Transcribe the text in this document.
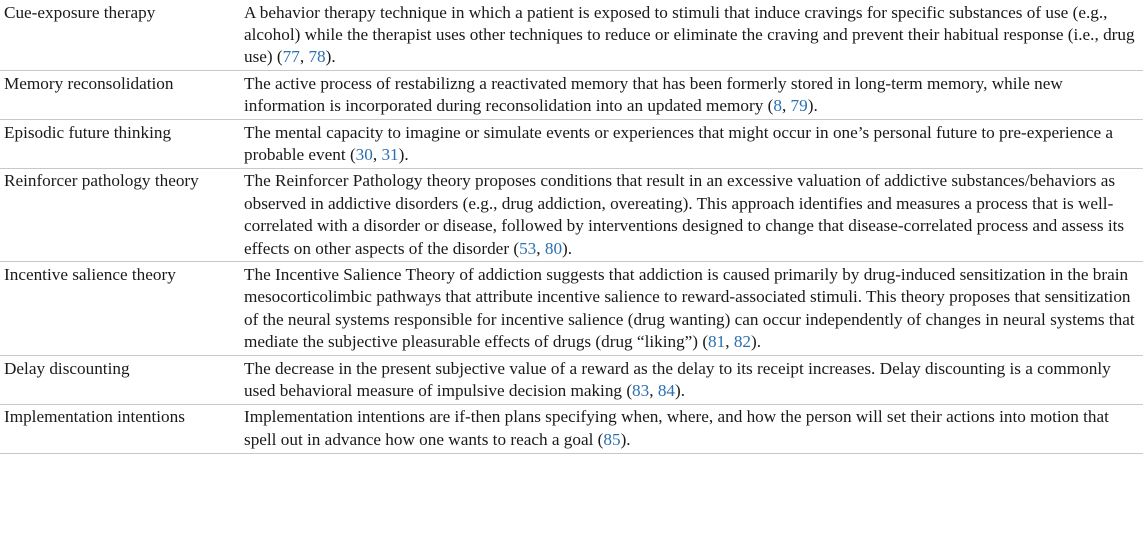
Cue-exposure therapy	A behavior therapy technique in which a patient is exposed to stimuli that induce cravings for specific substances of use (e.g., alcohol) while the therapist uses other techniques to reduce or eliminate the craving and prevent their habitual response (i.e., drug use) (77, 78).
Memory reconsolidation	The active process of restabilizng a reactivated memory that has been formerly stored in long-term memory, while new information is incorporated during reconsolidation into an updated memory (8, 79).
Episodic future thinking	The mental capacity to imagine or simulate events or experiences that might occur in one’s personal future to pre-experience a probable event (30, 31).
Reinforcer pathology theory	The Reinforcer Pathology theory proposes conditions that result in an excessive valuation of addictive substances/behaviors as observed in addictive disorders (e.g., drug addiction, overeating). This approach identifies and measures a process that is well-correlated with a disorder or disease, followed by interventions designed to change that disease-correlated process and assess its effects on other aspects of the disorder (53, 80).
Incentive salience theory	The Incentive Salience Theory of addiction suggests that addiction is caused primarily by drug-induced sensitization in the brain mesocorticolimbic pathways that attribute incentive salience to reward-associated stimuli. This theory proposes that sensitization of the neural systems responsible for incentive salience (drug wanting) can occur independently of changes in neural systems that mediate the subjective pleasurable effects of drugs (drug “liking”) (81, 82).
Delay discounting	The decrease in the present subjective value of a reward as the delay to its receipt increases. Delay discounting is a commonly used behavioral measure of impulsive decision making (83, 84).
Implementation intentions	Implementation intentions are if-then plans specifying when, where, and how the person will set their actions into motion that spell out in advance how one wants to reach a goal (85).
